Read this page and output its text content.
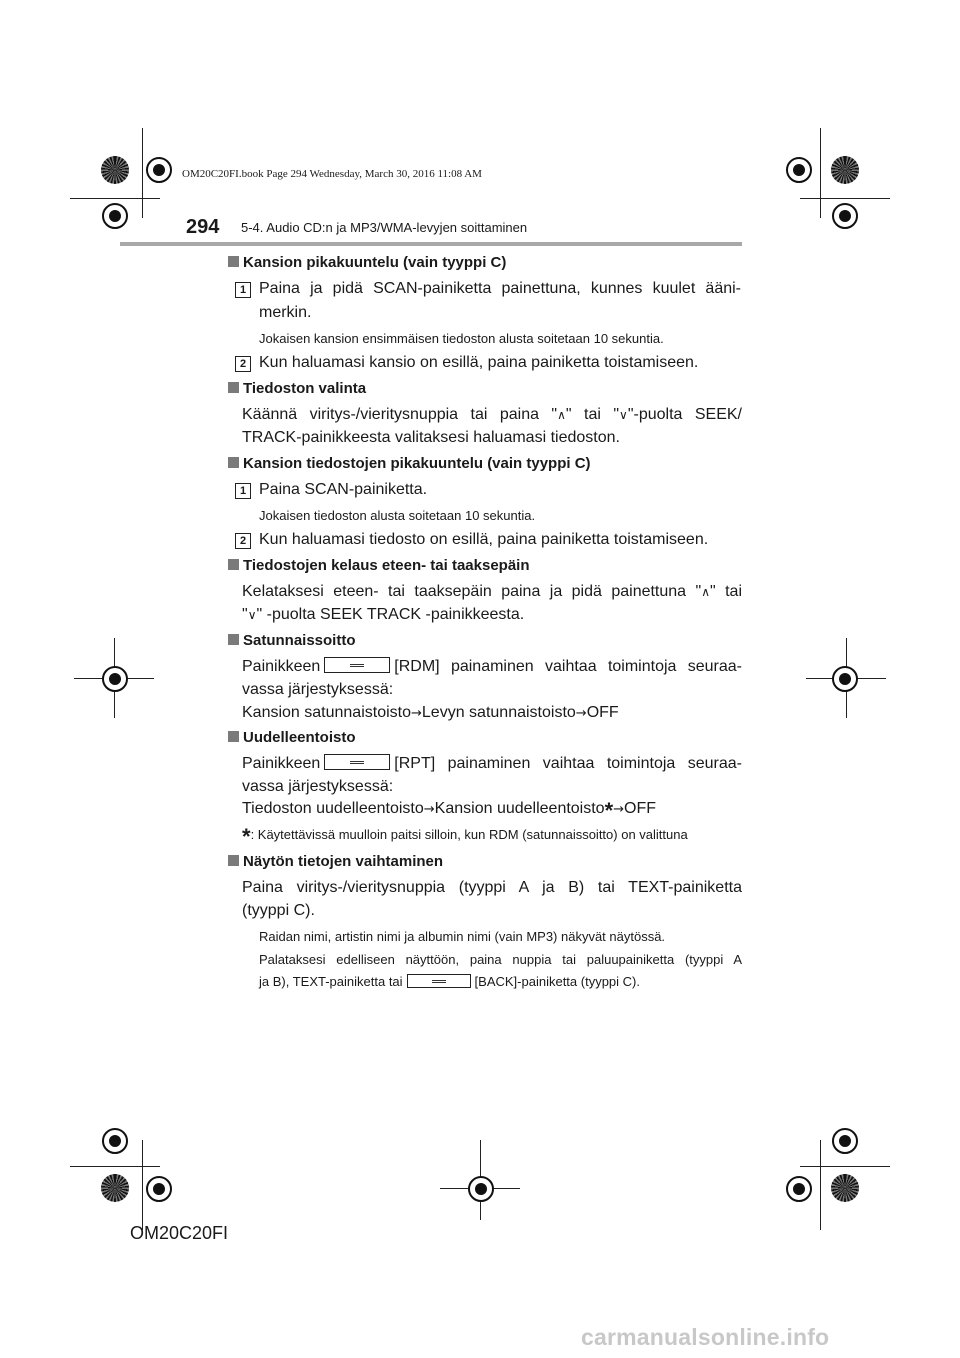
OM20C20FI.book Page 294 Wednesday, March 30, 2016 11:08 AM
294 5-4. Audio CD:n ja MP3/WMA-levyjen soittaminen
Kansion pikakuuntelu (vain tyyppi C)
1 Paina ja pidä SCAN-painiketta painettuna, kunnes kuulet ääni-
merkin.
Jokaisen kansion ensimmäisen tiedoston alusta soitetaan 10 sekuntia.
2 Kun haluamasi kansio on esillä, paina painiketta toistamiseen.
Tiedoston valinta
Käännä viritys-/vieritysnuppia tai paina "∧" tai "∨"-puolta SEEK/
TRACK-painikkeesta valitaksesi haluamasi tiedoston.
Kansion tiedostojen pikakuuntelu (vain tyyppi C)
1 Paina SCAN-painiketta.
Jokaisen tiedoston alusta soitetaan 10 sekuntia.
2 Kun haluamasi tiedosto on esillä, paina painiketta toistamiseen.
Tiedostojen kelaus eteen- tai taaksepäin
Kelataksesi eteen- tai taaksepäin paina ja pidä painettuna "∧" tai
"∨" -puolta SEEK TRACK -painikkeesta.
Satunnaissoitto
Painikkeen	[RDM] painaminen vaihtaa toimintoja seuraa-
vassa järjestyksessä:
Kansion satunnaistoisto→Levyn satunnaistoisto→OFF
Uudelleentoisto
Painikkeen	[RPT] painaminen vaihtaa toimintoja seuraa-
vassa järjestyksessä:
Tiedoston uudelleentoisto→Kansion uudelleentoisto*→OFF
*: Käytettävissä muulloin paitsi silloin, kun RDM (satunnaissoitto) on valittuna
Näytön tietojen vaihtaminen
Paina viritys-/vieritysnuppia (tyyppi A ja B) tai TEXT-painiketta
(tyyppi C).
Raidan nimi, artistin nimi ja albumin nimi (vain MP3) näkyvät näytössä.
Palataksesi edelliseen näyttöön, paina nuppia tai paluupainiketta (tyyppi A
ja B), TEXT-painiketta tai	[BACK]-painiketta (tyyppi C).
OM20C20FI
carmanualsonline.info
